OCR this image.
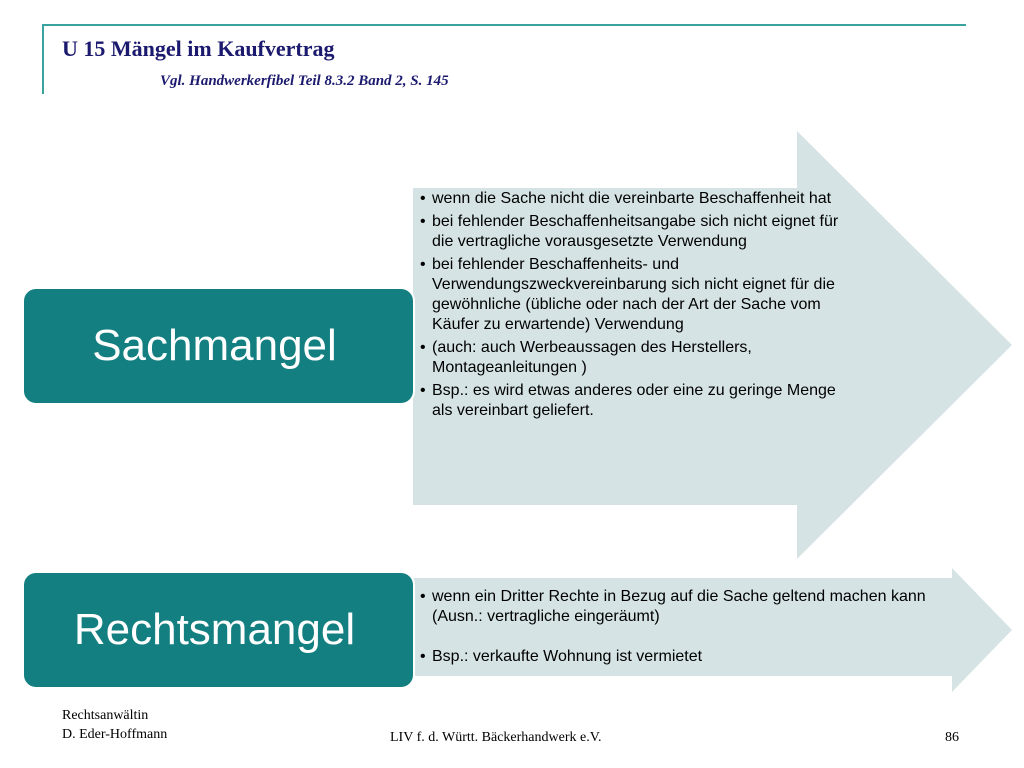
U 15 Mängel im Kaufvertrag

Vgl. Handwerkerfibel Teil 8.3.2 Band 2, S. 145

Sachmangel
• wenn die Sache nicht die vereinbarte Beschaffenheit hat
• bei fehlender Beschaffenheitsangabe sich nicht eignet für die vertragliche vorausgesetzte Verwendung
• bei fehlender Beschaffenheits- und Verwendungszweckvereinbarung sich nicht eignet für die gewöhnliche (übliche oder nach der Art der Sache vom Käufer zu erwartende) Verwendung
• (auch: auch Werbeaussagen des Herstellers, Montageanleitungen )
• Bsp.: es wird etwas anderes oder eine zu geringe Menge als vereinbart geliefert.
Rechtsmangel
• wenn ein Dritter Rechte in Bezug auf die Sache geltend machen kann (Ausn.: vertragliche eingeräumt)
• Bsp.: verkaufte Wohnung ist vermietet
Rechtsanwältin
D. Eder-Hoffmann	LIV f. d. Württ. Bäckerhandwerk e.V.	86
